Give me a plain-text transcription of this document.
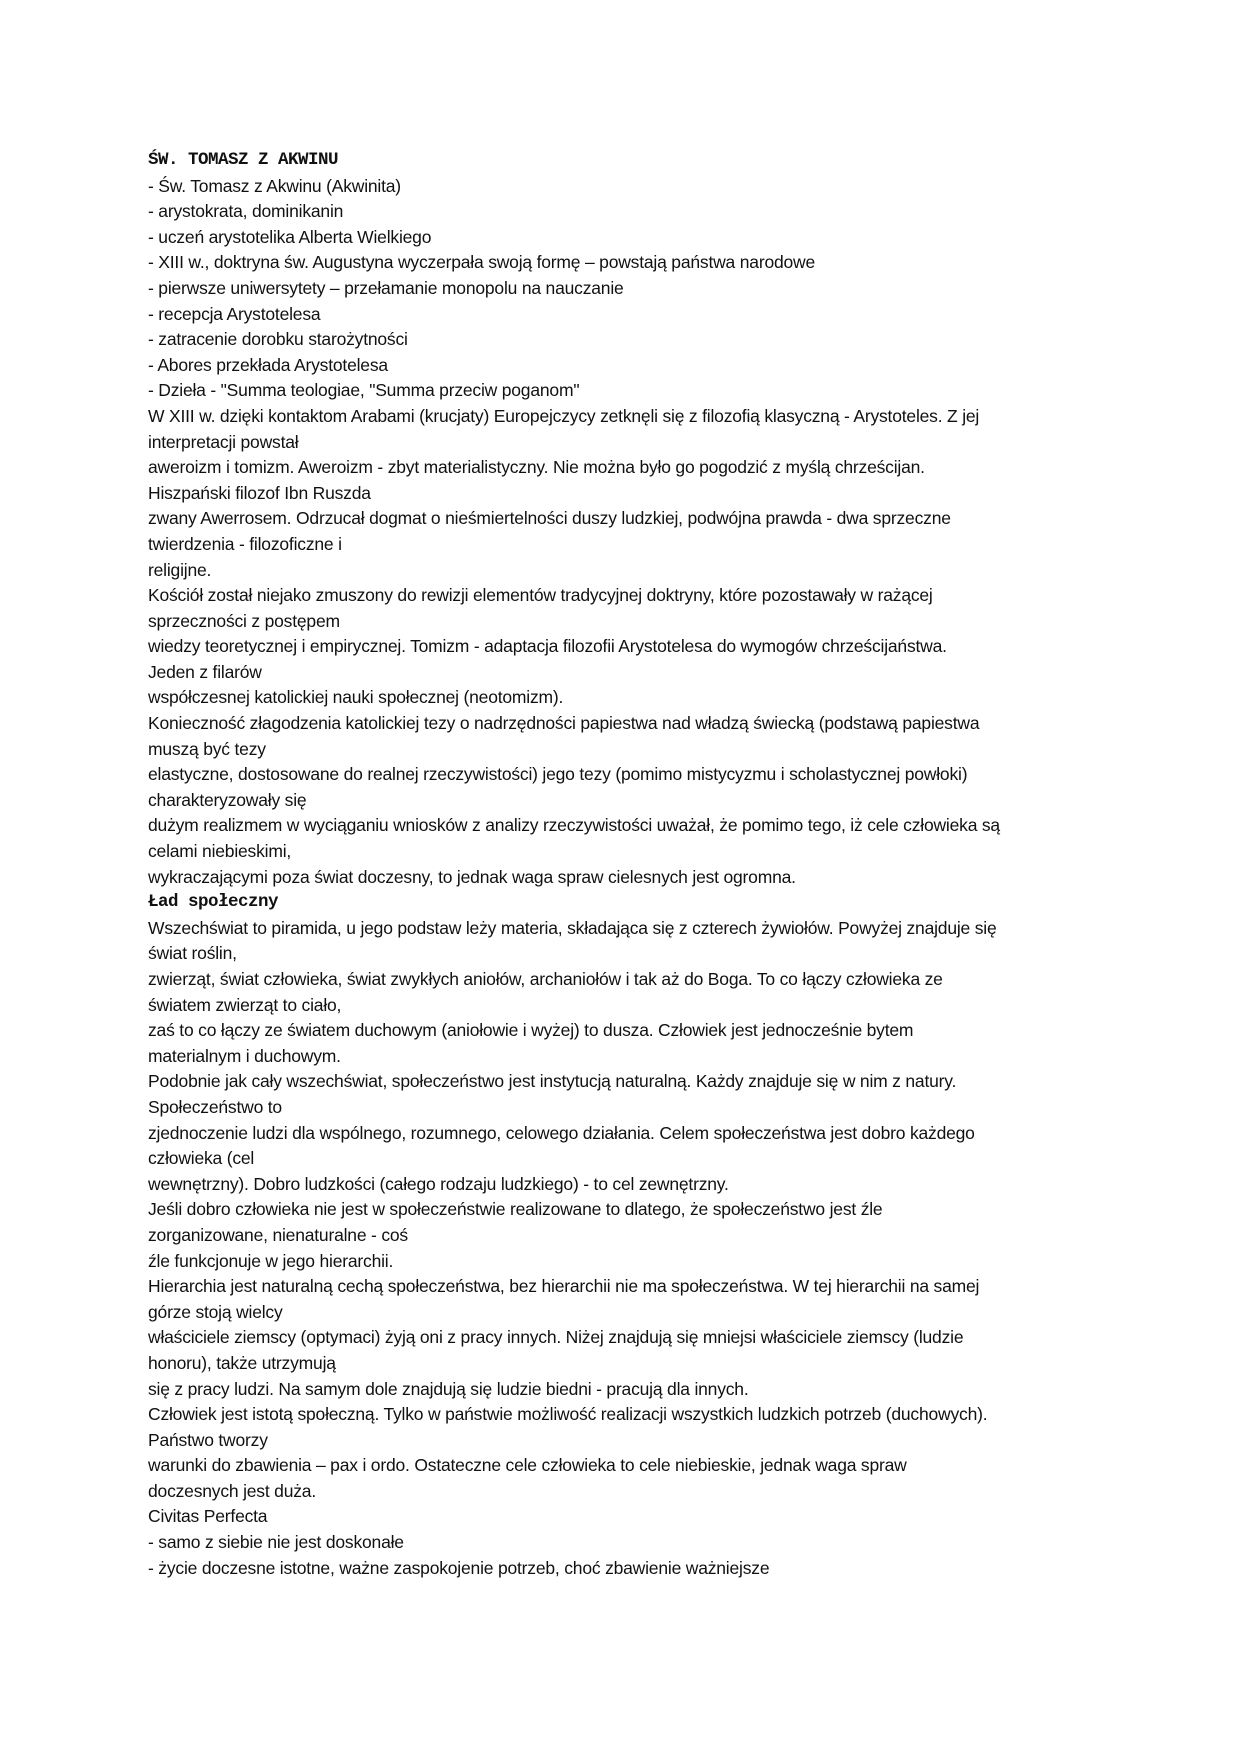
ŚW. TOMASZ Z AKWINU

- Św. Tomasz z Akwinu (Akwinita)

- arystokrata, dominikanin

- uczeń arystotelika Alberta Wielkiego

- XIII w., doktryna św. Augustyna wyczerpała swoją formę – powstają państwa narodowe

- pierwsze uniwersytety – przełamanie monopolu na nauczanie

- recepcja Arystotelesa

- zatracenie dorobku starożytności

- Abores przekłada Arystotelesa

- Dzieła - "Summa teologiae, "Summa przeciw poganom"

W XIII w. dzięki kontaktom Arabami (krucjaty) Europejczycy zetknęli się z filozofią klasyczną - Arystoteles. Z jej

interpretacji powstał

aweroizm i tomizm. Aweroizm - zbyt materialistyczny. Nie można było go pogodzić z myślą chrześcijan.

Hiszpański filozof Ibn Ruszda

zwany Awerrosem. Odrzucał dogmat o nieśmiertelności duszy ludzkiej, podwójna prawda - dwa sprzeczne

twierdzenia - filozoficzne i

religijne.

Kościół został niejako zmuszony do rewizji elementów tradycyjnej doktryny, które pozostawały w rażącej

sprzeczności z postępem

wiedzy teoretycznej i empirycznej. Tomizm - adaptacja filozofii Arystotelesa do wymogów chrześcijaństwa.

Jeden z filarów

współczesnej katolickiej nauki społecznej (neotomizm).

Konieczność złagodzenia katolickiej tezy o nadrzędności papiestwa nad władzą świecką (podstawą papiestwa

muszą być tezy

elastyczne, dostosowane do realnej rzeczywistości) jego tezy (pomimo mistycyzmu i scholastycznej powłoki)

charakteryzowały się

dużym realizmem w wyciąganiu wniosków z analizy rzeczywistości uważał, że pomimo tego, iż cele człowieka są

celami niebieskimi,

wykraczającymi poza świat doczesny, to jednak waga spraw cielesnych jest ogromna.

Ład społeczny

Wszechświat to piramida, u jego podstaw leży materia, składająca się z czterech żywiołów. Powyżej znajduje się

świat roślin,

zwierząt, świat człowieka, świat zwykłych aniołów, archaniołów i tak aż do Boga. To co łączy człowieka ze

światem zwierząt to ciało,

zaś to co łączy ze światem duchowym (aniołowie i wyżej) to dusza. Człowiek jest jednocześnie bytem

materialnym i duchowym.

Podobnie jak cały wszechświat, społeczeństwo jest instytucją naturalną. Każdy znajduje się w nim z natury.

Społeczeństwo to

zjednoczenie ludzi dla wspólnego, rozumnego, celowego działania. Celem społeczeństwa jest dobro każdego

człowieka (cel

wewnętrzny). Dobro ludzkości (całego rodzaju ludzkiego) - to cel zewnętrzny.

Jeśli dobro człowieka nie jest w społeczeństwie realizowane to dlatego, że społeczeństwo jest źle

zorganizowane, nienaturalne - coś

źle funkcjonuje w jego hierarchii.

Hierarchia jest naturalną cechą społeczeństwa, bez hierarchii nie ma społeczeństwa. W tej hierarchii na samej

górze stoją wielcy

właściciele ziemscy (optymaci) żyją oni z pracy innych. Niżej znajdują się mniejsi właściciele ziemscy (ludzie

honoru), także utrzymują

się z pracy ludzi. Na samym dole znajdują się ludzie biedni - pracują dla innych.

Człowiek jest istotą społeczną. Tylko w państwie możliwość realizacji wszystkich ludzkich potrzeb (duchowych).

Państwo tworzy

warunki do zbawienia – pax i ordo. Ostateczne cele człowieka to cele niebieskie, jednak waga spraw

doczesnych jest duża.

Civitas Perfecta

- samo z siebie nie jest doskonałe

- życie doczesne istotne, ważne zaspokojenie potrzeb, choć zbawienie ważniejsze
